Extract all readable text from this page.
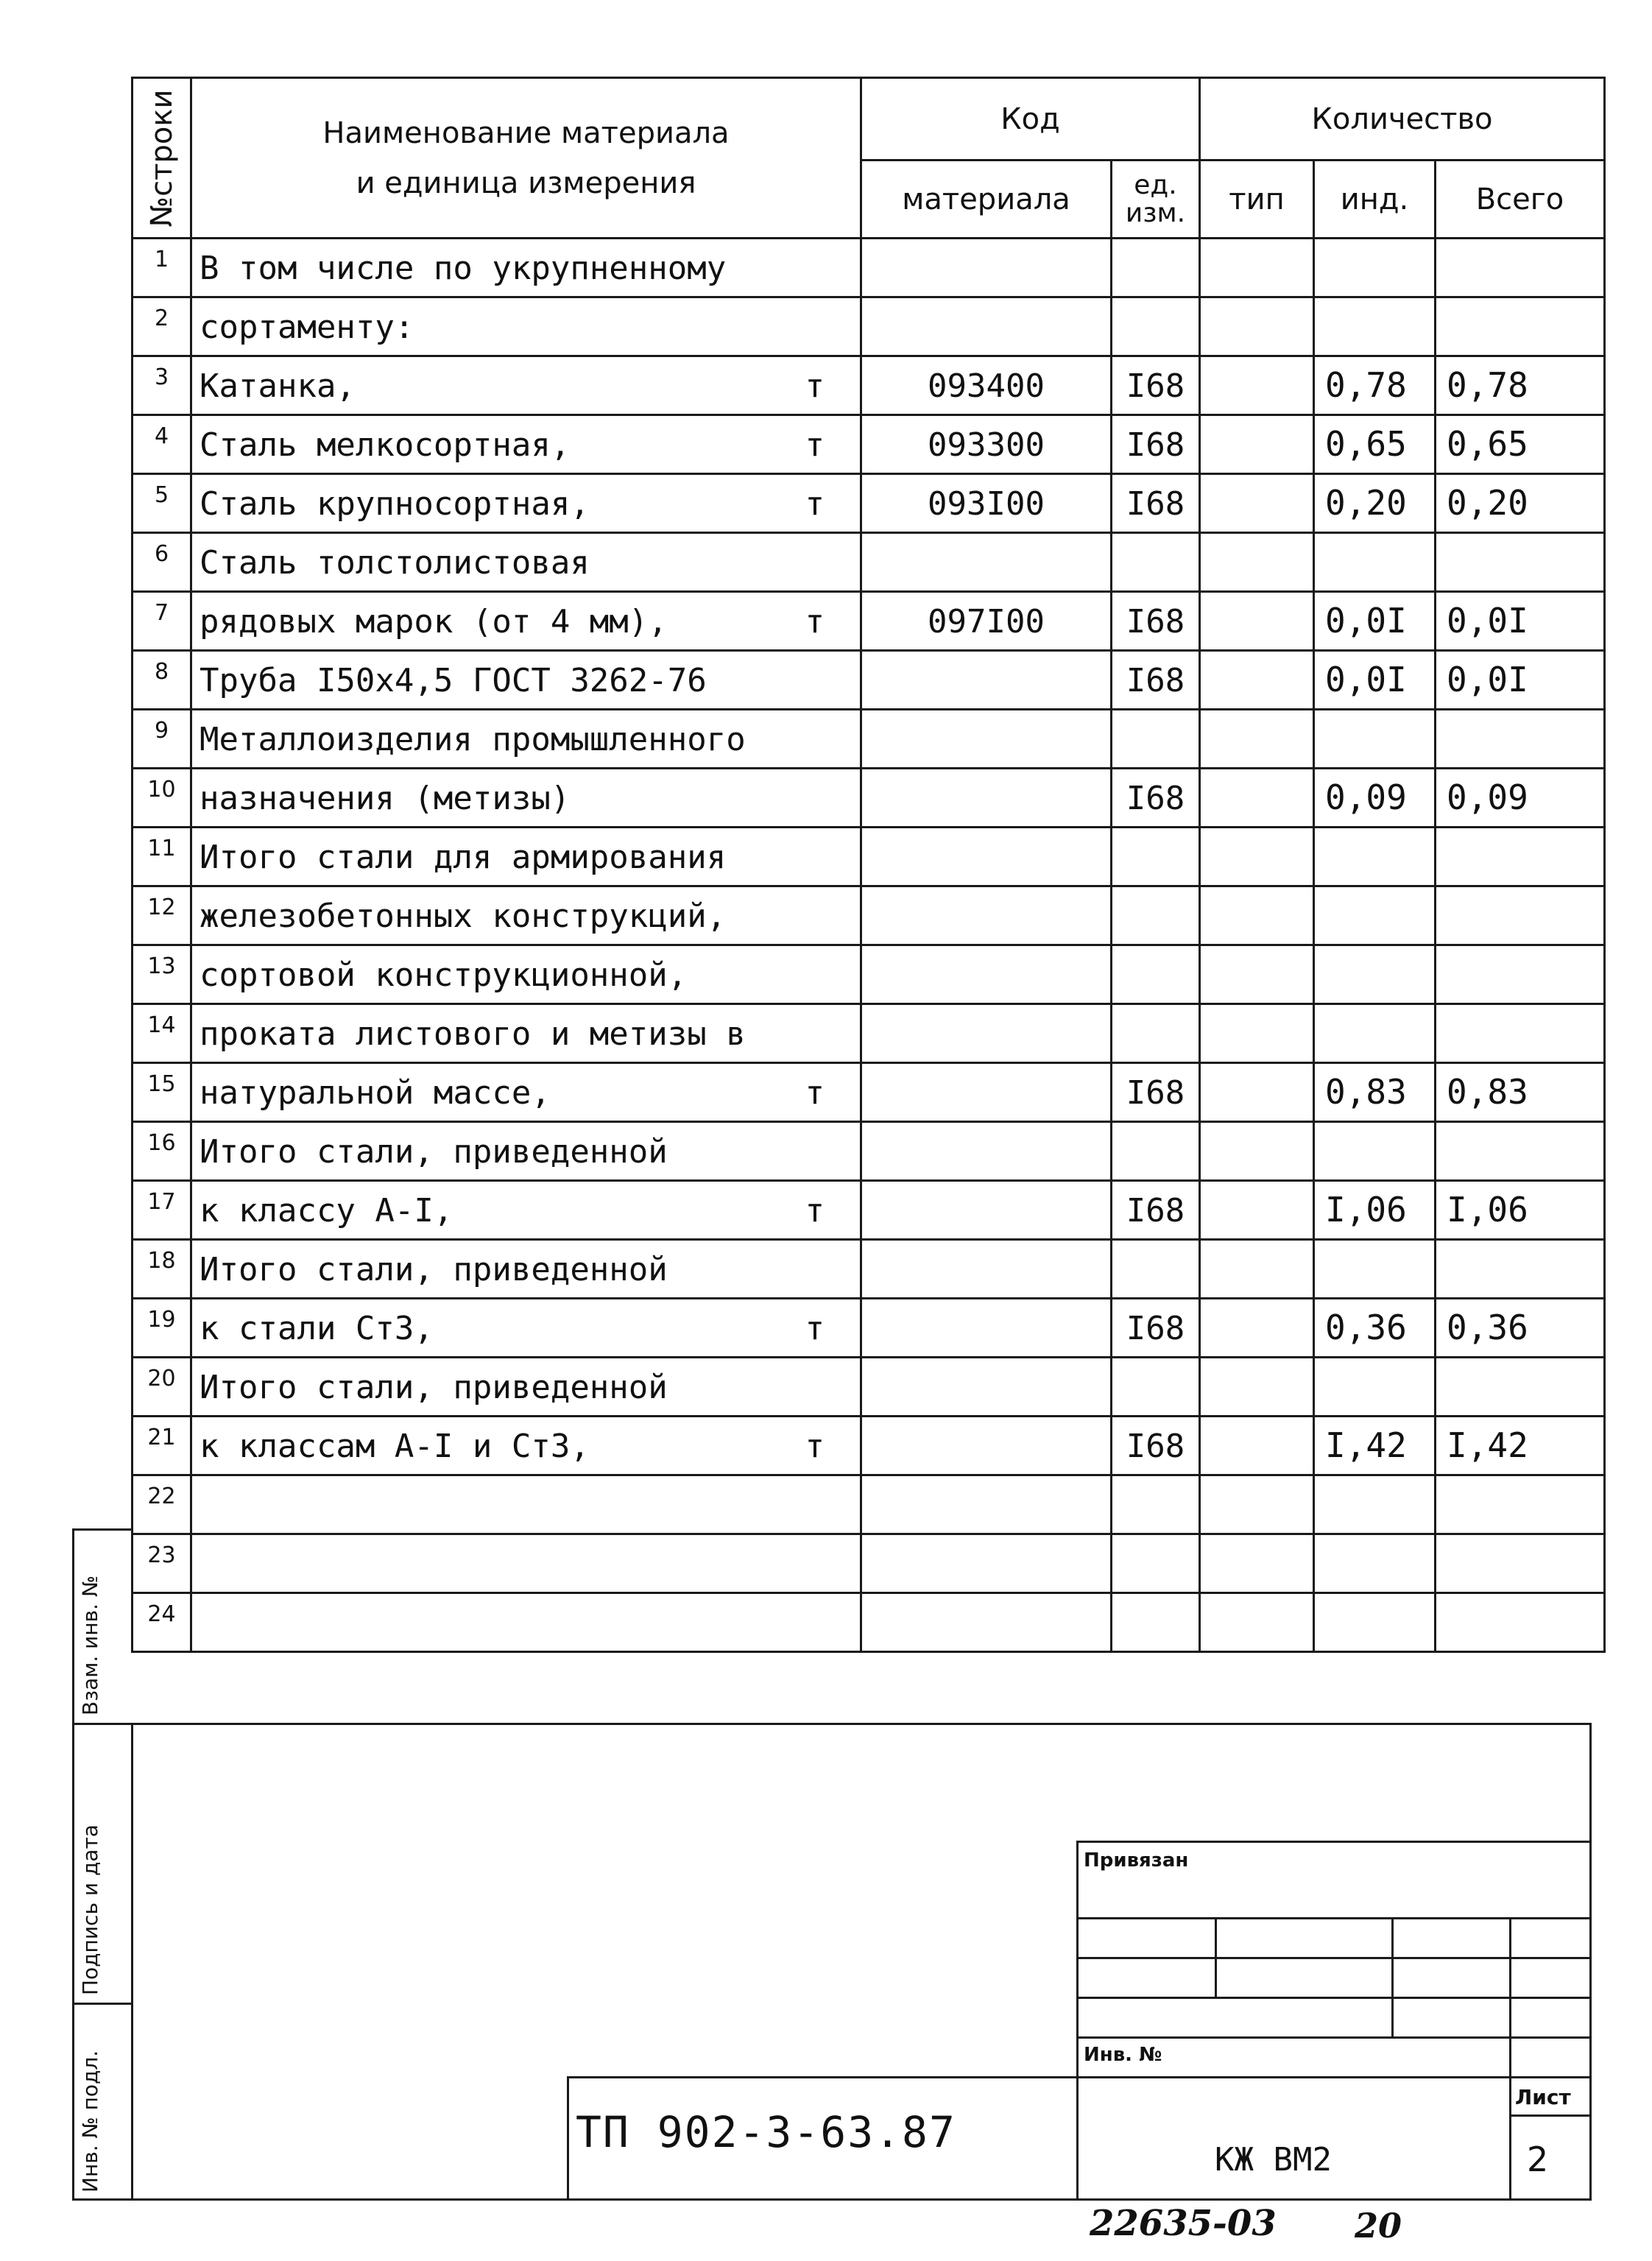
№строки	Наименование материала
и единица измерения	Код		Количество		
		материала	ед. изм.	тип	инд.	Всего
1	В том числе по укрупненному

2	сортаменту:

3	Катанка, т	093400	I68		0,78	0,78
4	Сталь мелкосортная, т	093300	I68		0,65	0,65
5	Сталь крупносортная, т	093I00	I68		0,20	0,20
6	Сталь толстолистовая

7	рядовых марок (от 4 мм), т	097I00	I68		0,0I	0,0I
8	Труба I50x4,5 ГОСТ 3262-76		I68		0,0I	0,0I
9	Металлоизделия промышленного

10	назначения (метизы)		I68		0,09	0,09
11	Итого стали для армирования

12	железобетонных конструкций,

13	сортовой конструкционной,

14	проката листового и метизы в

15	натуральной массе, т		I68		0,83	0,83
16	Итого стали, приведенной

17	к классу А-I, т		I68		I,06	I,06
18	Итого стали, приведенной

19	к стали Ст3, т		I68		0,36	0,36
20	Итого стали, приведенной

21	к классам А-I и Ст3, т		I68		I,42	I,42
22	

23	

24	

Взам. инв. №
Подпись и дата
Инв. № подл.
Привязан
Инв. №
ТП 902-3-63.87
КЖ ВМ2
Лист
2
22635-03 20
